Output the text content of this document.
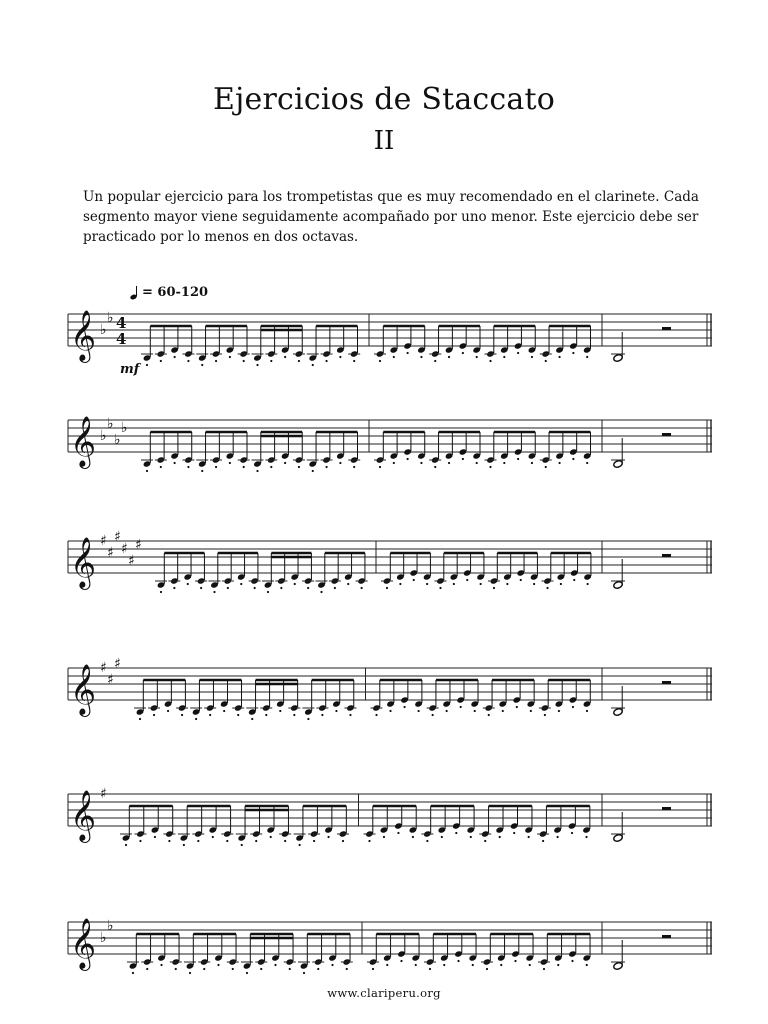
Ejercicios de Staccato
II
Un popular ejercicio para los trompetistas que es muy recomendado en el clarinete. Cada segmento mayor viene seguidamente acompañado por uno menor. Este ejercicio debe ser practicado por lo menos en dos octavas.
= 60-120
mf
𝄞 ♭
♭ 4
4
𝄞 ♭
♭
♭
♭
𝄞 ♯
♯
♯
♯
♯
♯
𝄞 ♯
♯
♯
𝄞 ♯
𝄞 ♭
♭
www.clariperu.org
